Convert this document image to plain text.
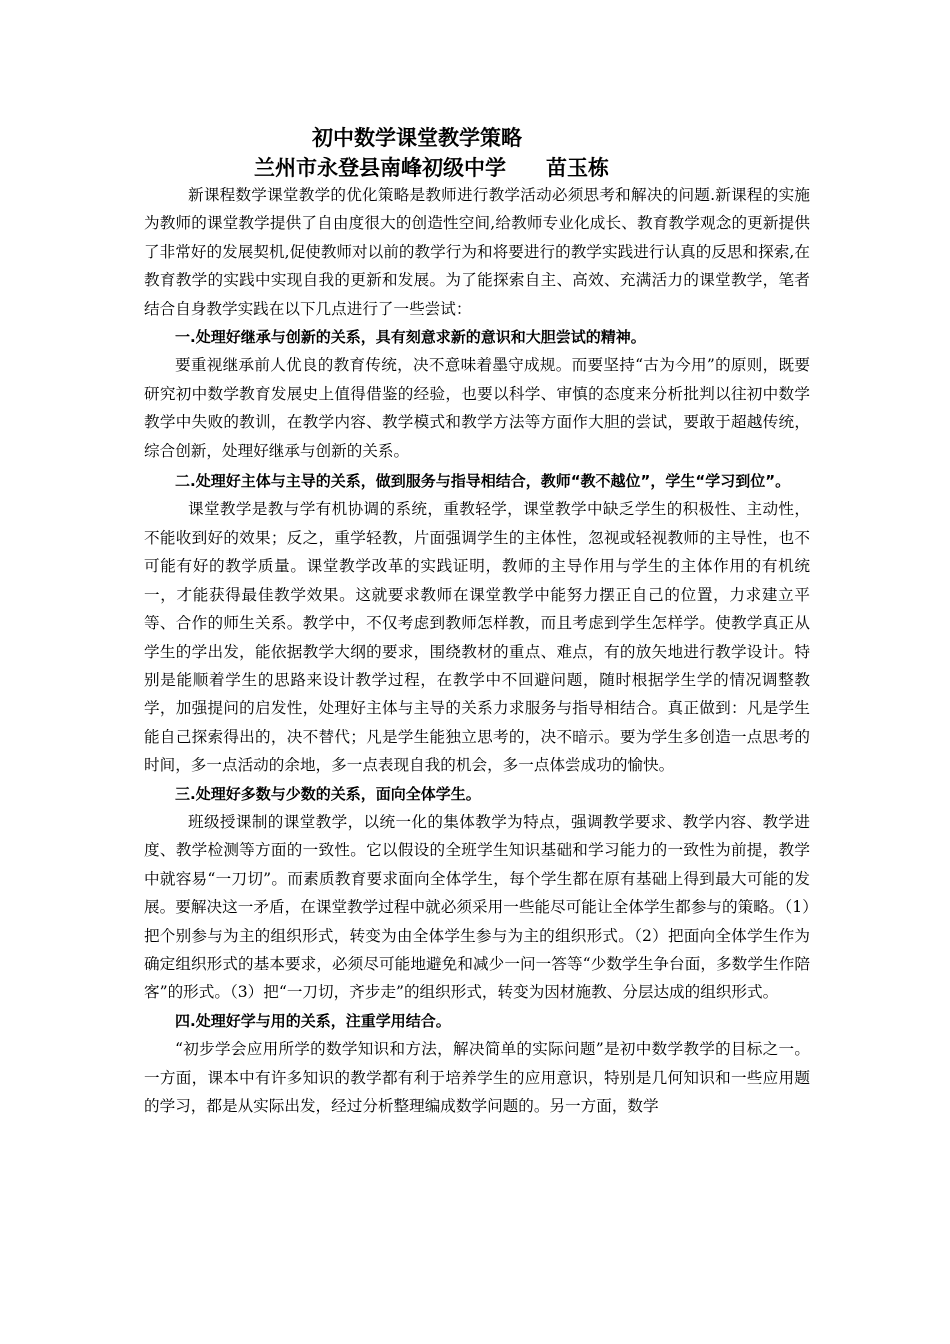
初中数学课堂教学策略
兰州市永登县南峰初级中学 苗玉栋

新课程数学课堂教学的优化策略是教师进行教学活动必须思考和解决的问题.新课程的实施为教师的课堂教学提供了自由度很大的创造性空间,给教师专业化成长、教育教学观念的更新提供了非常好的发展契机,促使教师对以前的教学行为和将要进行的教学实践进行认真的反思和探索,在教育教学的实践中实现自我的更新和发展。为了能探索自主、高效、充满活力的课堂教学，笔者结合自身教学实践在以下几点进行了一些尝试：

一.处理好继承与创新的关系，具有刻意求新的意识和大胆尝试的精神。

要重视继承前人优良的教育传统，决不意味着墨守成规。而要坚持“古为今用”的原则，既要研究初中数学教育发展史上值得借鉴的经验，也要以科学、审慎的态度来分析批判以往初中数学教学中失败的教训，在教学内容、教学模式和教学方法等方面作大胆的尝试，要敢于超越传统，综合创新，处理好继承与创新的关系。

二.处理好主体与主导的关系，做到服务与指导相结合，教师“教不越位”，学生“学习到位”。

课堂教学是教与学有机协调的系统，重教轻学，课堂教学中缺乏学生的积极性、主动性，不能收到好的效果；反之，重学轻教，片面强调学生的主体性，忽视或轻视教师的主导性，也不可能有好的教学质量。课堂教学改革的实践证明，教师的主导作用与学生的主体作用的有机统一，才能获得最佳教学效果。这就要求教师在课堂教学中能努力摆正自己的位置，力求建立平等、合作的师生关系。教学中，不仅考虑到教师怎样教，而且考虑到学生怎样学。使教学真正从学生的学出发，能依据教学大纲的要求，围绕教材的重点、难点，有的放矢地进行教学设计。特别是能顺着学生的思路来设计教学过程，在教学中不回避问题，随时根据学生学的情况调整教学，加强提问的启发性，处理好主体与主导的关系力求服务与指导相结合。真正做到：凡是学生能自己探索得出的，决不替代；凡是学生能独立思考的，决不暗示。要为学生多创造一点思考的时间，多一点活动的余地，多一点表现自我的机会，多一点体尝成功的愉快。

三.处理好多数与少数的关系，面向全体学生。

班级授课制的课堂教学，以统一化的集体教学为特点，强调教学要求、教学内容、教学进度、教学检测等方面的一致性。它以假设的全班学生知识基础和学习能力的一致性为前提，教学中就容易“一刀切”。而素质教育要求面向全体学生，每个学生都在原有基础上得到最大可能的发展。要解决这一矛盾，在课堂教学过程中就必须采用一些能尽可能让全体学生都参与的策略。（1）把个别参与为主的组织形式，转变为由全体学生参与为主的组织形式。（2）把面向全体学生作为确定组织形式的基本要求，必须尽可能地避免和减少一问一答等“少数学生争台面，多数学生作陪客”的形式。（3）把“一刀切，齐步走”的组织形式，转变为因材施教、分层达成的组织形式。

四.处理好学与用的关系，注重学用结合。

“初步学会应用所学的数学知识和方法，解决简单的实际问题”是初中数学教学的目标之一。一方面，课本中有许多知识的教学都有利于培养学生的应用意识，特别是几何知识和一些应用题的学习，都是从实际出发，经过分析整理编成数学问题的。另一方面，数学
